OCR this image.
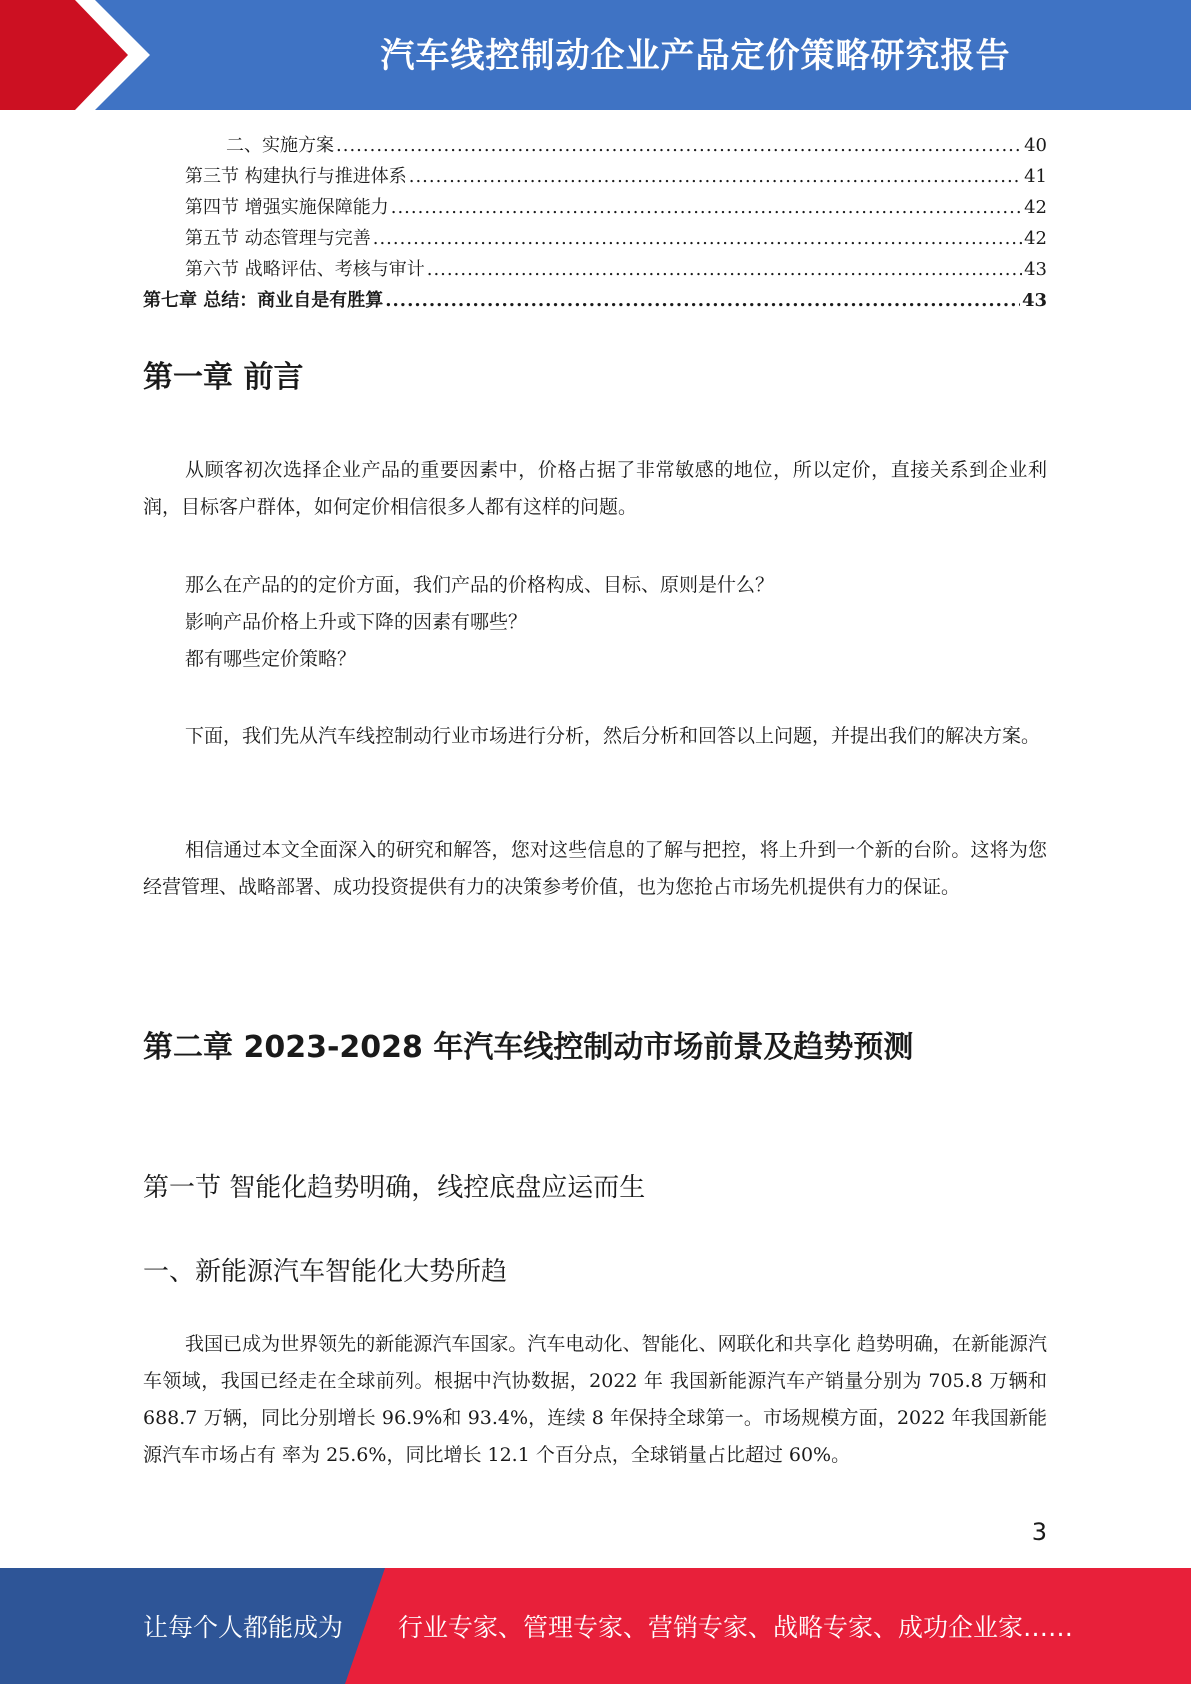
汽车线控制动企业产品定价策略研究报告
二、实施方案 .....	40
第三节 构建执行与推进体系 .....	41
第四节 增强实施保障能力 .....	42
第五节 动态管理与完善 .....	42
第六节 战略评估、考核与审计 .....	43
第七章 总结：商业自是有胜算 .....	43
第一章 前言

从顾客初次选择企业产品的重要因素中，价格占据了非常敏感的地位，所以定价，直接关系到企业利润，目标客户群体，如何定价相信很多人都有这样的问题。

那么在产品的的定价方面，我们产品的价格构成、目标、原则是什么？

影响产品价格上升或下降的因素有哪些？

都有哪些定价策略？

下面，我们先从汽车线控制动行业市场进行分析，然后分析和回答以上问题，并提出我们的解决方案。

相信通过本文全面深入的研究和解答，您对这些信息的了解与把控，将上升到一个新的台阶。这将为您经营管理、战略部署、成功投资提供有力的决策参考价值，也为您抢占市场先机提供有力的保证。

第二章 2023-2028 年汽车线控制动市场前景及趋势预测
第一节 智能化趋势明确，线控底盘应运而生
一、新能源汽车智能化大势所趋

我国已成为世界领先的新能源汽车国家。汽车电动化、智能化、网联化和共享化 趋势明确，在新能源汽车领域，我国已经走在全球前列。根据中汽协数据，2022 年 我国新能源汽车产销量分别为 705.8 万辆和 688.7 万辆，同比分别增长 96.9%和 93.4%，连续 8 年保持全球第一。市场规模方面，2022 年我国新能源汽车市场占有 率为 25.6%，同比增长 12.1 个百分点，全球销量占比超过 60%。

3
让每个人都能成为 行业专家、管理专家、营销专家、战略专家、成功企业家……
